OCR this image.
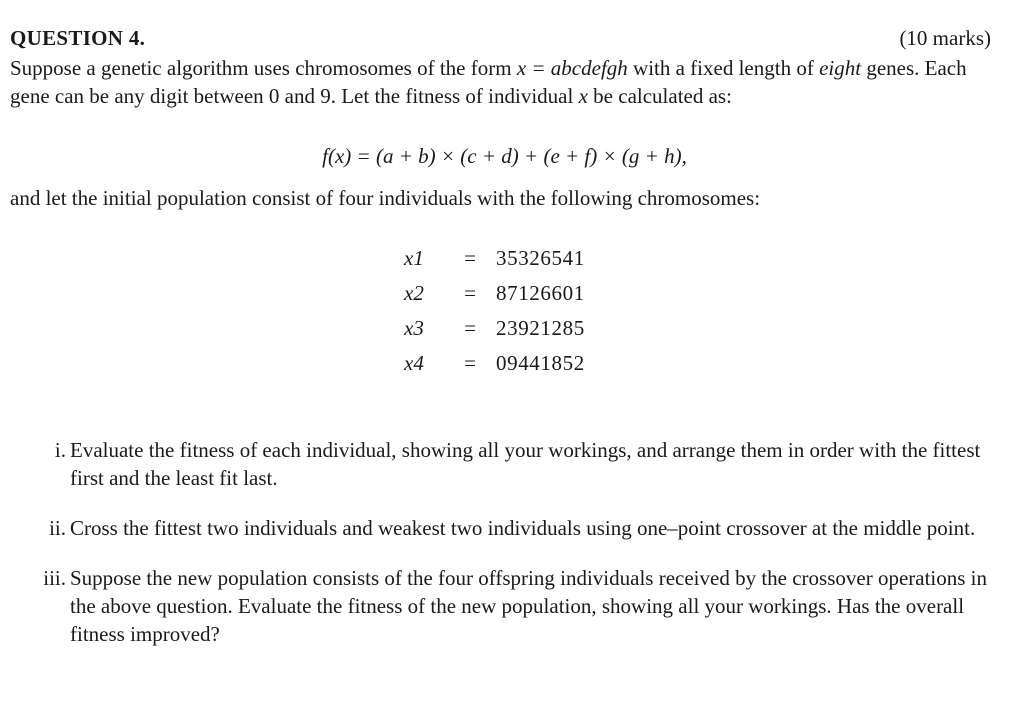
QUESTION 4.	(10 marks)

Suppose a genetic algorithm uses chromosomes of the form x = abcdefgh with a fixed length of eight genes. Each gene can be any digit between 0 and 9. Let the fitness of individual x be calculated as:

f(x) = (a + b) × (c + d) + (e + f) × (g + h),

and let the initial population consist of four individuals with the following chromosomes:

x1	=	35326541
x2	=	87126601
x3	=	23921285
x4	=	09441852
i. Evaluate the fitness of each individual, showing all your workings, and arrange them in order with the fittest first and the least fit last.
ii. Cross the fittest two individuals and weakest two individuals using one–point crossover at the middle point.
iii. Suppose the new population consists of the four offspring individuals received by the crossover operations in the above question. Evaluate the fitness of the new population, showing all your workings. Has the overall fitness improved?
